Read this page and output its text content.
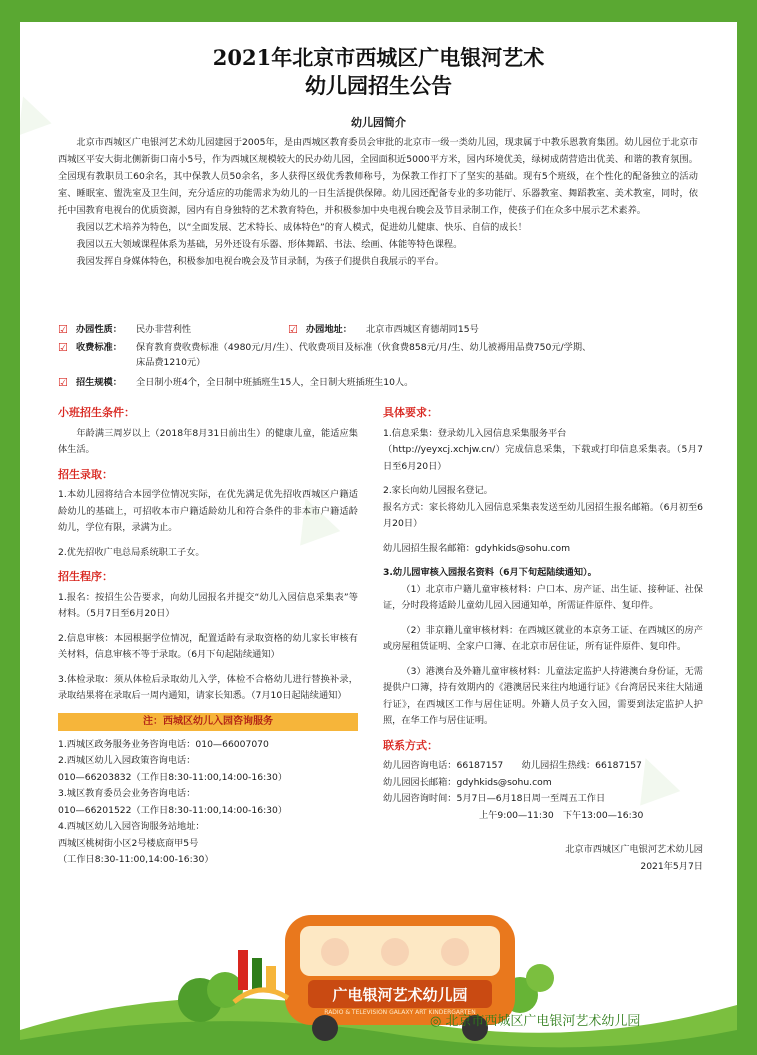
▲
▲
▲
2021年北京市西城区广电银河艺术
幼儿园招生公告
幼儿园简介

北京市西城区广电银河艺术幼儿园建园于2005年，是由西城区教育委员会审批的北京市一级一类幼儿园，现隶属于中教乐恩教育集团。幼儿园位于北京市西城区平安大街北侧新街口南小5号，作为西城区规模较大的民办幼儿园，全园面积近5000平方米，园内环境优美，绿树成荫营造出优美、和谐的教育氛围。全园现有教职员工60余名，其中保教人员50余名，多人获得区级优秀教师称号，为保教工作打下了坚实的基础。现有5个班级，在个性化的配备独立的活动室、睡眠室、盥洗室及卫生间，充分适应的功能需求为幼儿的一日生活提供保障。幼儿园还配备专业的多功能厅、乐器教室、舞蹈教室、美术教室，同时，依托中国教育电视台的优质资源，园内有自身独特的艺术教育特色，并积极参加中央电视台晚会及节目录制工作，使孩子们在众多中展示艺术素养。

我园以艺术培养为特色，以“全面发展、艺术特长、成体特色”的育人模式，促进幼儿健康、快乐、自信的成长！

我园以五大领域课程体系为基础，另外还设有乐器、形体舞蹈、书法、绘画、体能等特色课程。

我园发挥自身媒体特色，积极参加电视台晚会及节目录制，为孩子们提供自我展示的平台。

☑ 办园性质： 民办非营利性	☑ 办园地址： 北京市西城区育德胡同15号
☑ 收费标准： 保育教育费收费标准（4980元/月/生）、代收费项目及标准（伙食费858元/月/生、幼儿被褥用品费750元/学期、
床品费1210元）
☑ 招生规模： 全日制小班4个，全日制中班插班生15人，全日制大班插班生10人。
小班招生条件：

年龄满三周岁以上（2018年8月31日前出生）的健康儿童，能适应集体生活。

招生录取：

1.本幼儿园将结合本园学位情况实际，在优先满足优先招收西城区户籍适龄幼儿的基础上，可招收本市户籍适龄幼儿和符合条件的非本市户籍适龄幼儿，学位有限，录满为止。

2.优先招收广电总局系统职工子女。

招生程序：

1.报名：按招生公告要求，向幼儿园报名并提交“幼儿入园信息采集表”等材料。（5月7日至6月20日）

2.信息审核：本园根据学位情况，配置适龄有录取资格的幼儿家长审核有关材料，信息审核不等于录取。（6月下旬起陆续通知）

3.体检录取：须从体检后录取幼儿入学，体检不合格幼儿进行替换补录，录取结果将在录取后一周内通知，请家长知悉。（7月10日起陆续通知）

注：西城区幼儿入园咨询服务
1.西城区政务服务业务咨询电话：010—66007070
2.西城区幼儿入园政策咨询电话：
010—66203832（工作日8:30-11:00,14:00-16:30）
3.城区教育委员会业务咨询电话：
010—66201522（工作日8:30-11:00,14:00-16:30）
4.西城区幼儿入园咨询服务站地址：
西城区桃树街小区2号楼底商甲5号
（工作日8:30-11:00,14:00-16:30）
具体要求：
1.信息采集：登录幼儿入园信息采集服务平台

（http://yeyxcj.xchjw.cn/）完成信息采集，下载或打印信息采集表。（5月7日至6月20日）

2.家长向幼儿园报名登记。

报名方式：家长将幼儿入园信息采集表发送至幼儿园招生报名邮箱。（6月初至6月20日）

幼儿园招生报名邮箱：gdyhkids@sohu.com

3.幼儿园审核入园报名资料（6月下旬起陆续通知）。

（1）北京市户籍儿童审核材料：户口本、房产证、出生证、接种证、社保证，分时段将适龄儿童幼儿园入园通知单，所需证件原件、复印件。

（2）非京籍儿童审核材料：在西城区就业的本京务工证、在西城区的房产或房屋租赁证明、全家户口簿、在北京市居住证，所有证件原件、复印件。

（3）港澳台及外籍儿童审核材料：儿童法定监护人持港澳台身份证，无需提供户口簿，持有效期内的《港澳居民来往内地通行证》《台湾居民来往大陆通行证》，在西城区工作与居住证明。外籍人员子女入园，需要到法定监护人护照，在华工作与居住证明。

联系方式：
幼儿园咨询电话：66187157　　幼儿园招生热线：66187157
幼儿园园长邮箱：gdyhkids@sohu.com
幼儿园咨询时间：5月7日—6月18日周一至周五工作日
上午9:00—11:30　下午13:00—16:30
北京市西城区广电银河艺术幼儿园
2021年5月7日
广电银河艺术幼儿园
RADIO & TELEVISION GALAXY ART KINDERGARTEN
◎ 北京市西城区广电银河艺术幼儿园
